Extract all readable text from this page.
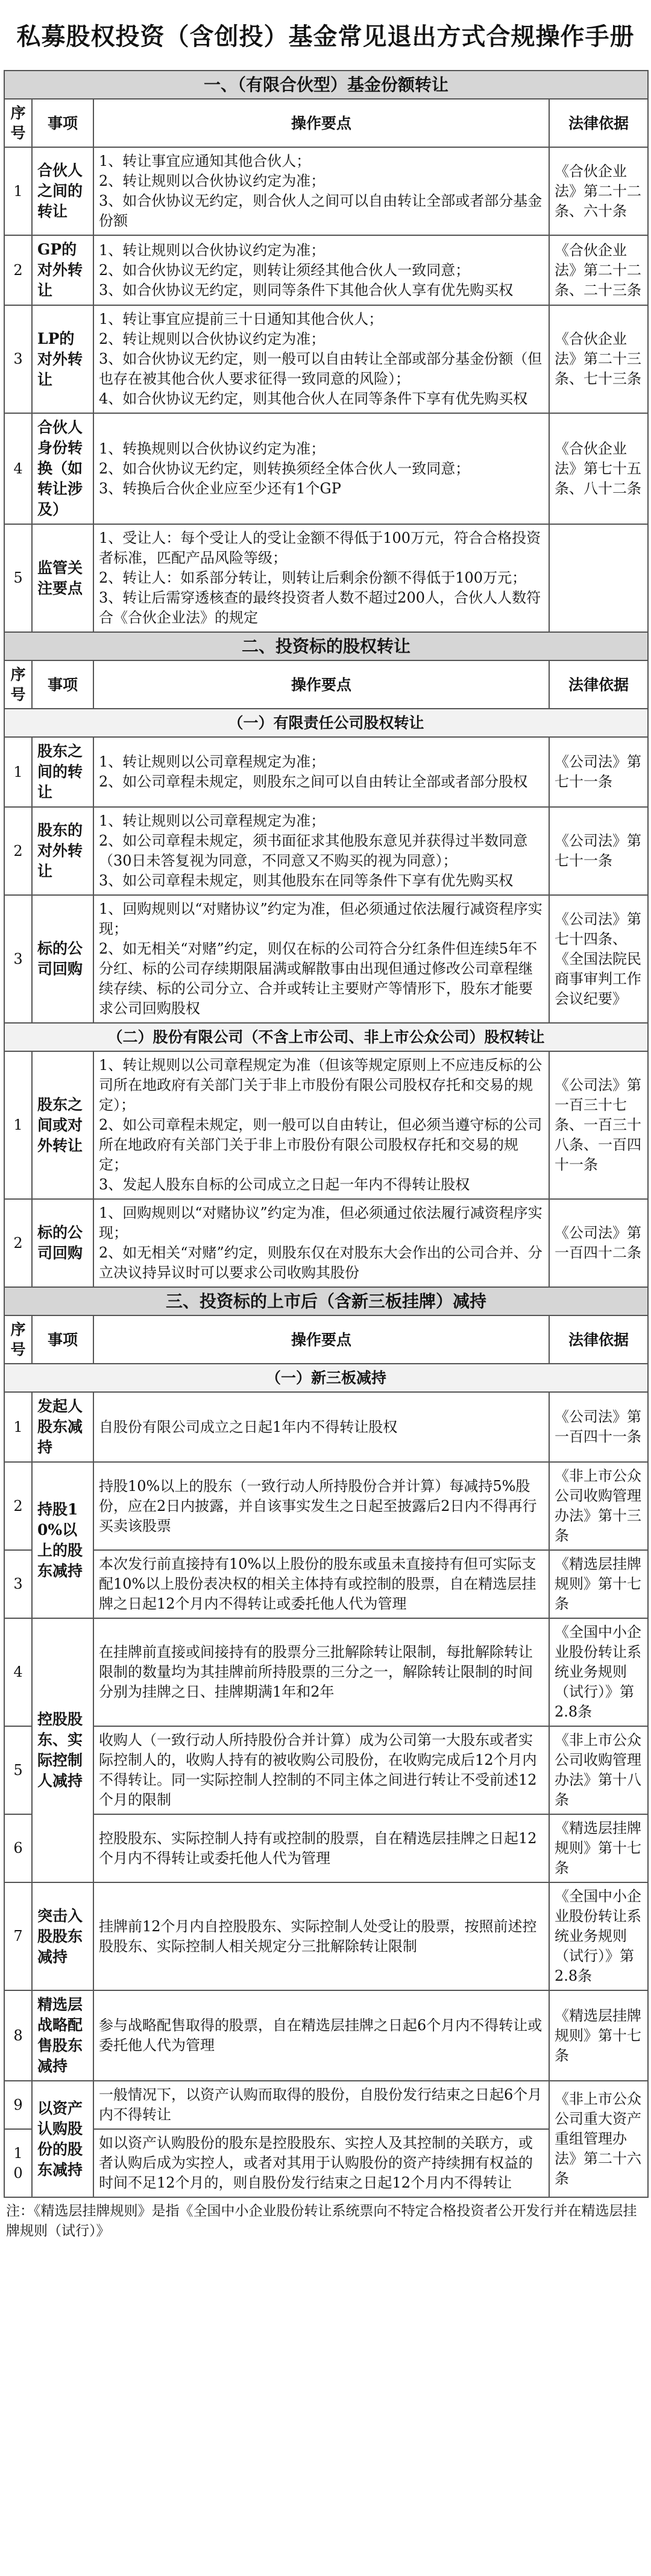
私募股权投资（含创投）基金常见退出方式合规操作手册
一、（有限合伙型）基金份额转让			
序号	事项	操作要点	法律依据
1	合伙人之间的转让	1、转让事宜应通知其他合伙人；
2、转让规则以合伙协议约定为准；
3、如合伙协议无约定，则合伙人之间可以自由转让全部或者部分基金份额	《合伙企业法》第二十二条、六十条
2	GP的对外转让	1、转让规则以合伙协议约定为准；
2、如合伙协议无约定，则转让须经其他合伙人一致同意；
3、如合伙协议无约定，则同等条件下其他合伙人享有优先购买权	《合伙企业法》第二十二条、二十三条
3	LP的对外转让	1、转让事宜应提前三十日通知其他合伙人；
2、转让规则以合伙协议约定为准；
3、如合伙协议无约定，则一般可以自由转让全部或部分基金份额（但也存在被其他合伙人要求征得一致同意的风险）；
4、如合伙协议无约定，则其他合伙人在同等条件下享有优先购买权	《合伙企业法》第二十三条、七十三条
4	合伙人身份转换（如转让涉及）	1、转换规则以合伙协议约定为准；
2、如合伙协议无约定，则转换须经全体合伙人一致同意；
3、转换后合伙企业应至少还有1个GP	《合伙企业法》第七十五条、八十二条
5	监管关注要点	1、受让人：每个受让人的受让金额不得低于100万元，符合合格投资者标准，匹配产品风险等级；
2、转让人：如系部分转让，则转让后剩余份额不得低于100万元；
3、转让后需穿透核查的最终投资者人数不超过200人，合伙人人数符合《合伙企业法》的规定	
二、投资标的股权转让			
序号	事项	操作要点	法律依据
（一）有限责任公司股权转让			
1	股东之间的转让	1、转让规则以公司章程规定为准；
2、如公司章程未规定，则股东之间可以自由转让全部或者部分股权	《公司法》第七十一条
2	股东的对外转让	1、转让规则以公司章程规定为准；
2、如公司章程未规定，须书面征求其他股东意见并获得过半数同意（30日未答复视为同意，不同意又不购买的视为同意）；
3、如公司章程未规定，则其他股东在同等条件下享有优先购买权	《公司法》第七十一条
3	标的公司回购	1、回购规则以“对赌协议”约定为准，但必须通过依法履行减资程序实现；
2、如无相关“对赌”约定，则仅在标的公司符合分红条件但连续5年不分红、标的公司存续期限届满或解散事由出现但通过修改公司章程继续存续、标的公司分立、合并或转让主要财产等情形下，股东才能要求公司回购股权	《公司法》第七十四条、《全国法院民商事审判工作会议纪要》
（二）股份有限公司（不含上市公司、非上市公众公司）股权转让			
1	股东之间或对外转让	1、转让规则以公司章程规定为准（但该等规定原则上不应违反标的公司所在地政府有关部门关于非上市股份有限公司股权存托和交易的规定）；
2、如公司章程未规定，则一般可以自由转让，但必须当遵守标的公司所在地政府有关部门关于非上市股份有限公司股权存托和交易的规定；
3、发起人股东自标的公司成立之日起一年内不得转让股权	《公司法》第一百三十七条、一百三十八条、一百四十一条
2	标的公司回购	1、回购规则以“对赌协议”约定为准，但必须通过依法履行减资程序实现；
2、如无相关“对赌”约定，则股东仅在对股东大会作出的公司合并、分立决议持异议时可以要求公司收购其股份	《公司法》第一百四十二条
三、投资标的上市后（含新三板挂牌）减持			
序号	事项	操作要点	法律依据
（一）新三板减持			
1	发起人股东减持	自股份有限公司成立之日起1年内不得转让股权	《公司法》第一百四十一条
2	持股10%以上的股东减持	持股10%以上的股东（一致行动人所持股份合并计算）每减持5%股份，应在2日内披露，并自该事实发生之日起至披露后2日内不得再行买卖该股票	《非上市公众公司收购管理办法》第十三条
3		本次发行前直接持有10%以上股份的股东或虽未直接持有但可实际支配10%以上股份表决权的相关主体持有或控制的股票，自在精选层挂牌之日起12个月内不得转让或委托他人代为管理	《精选层挂牌规则》第十七条
4	控股股东、实际控制人减持	在挂牌前直接或间接持有的股票分三批解除转让限制，每批解除转让限制的数量均为其挂牌前所持股票的三分之一，解除转让限制的时间分别为挂牌之日、挂牌期满1年和2年	《全国中小企业股份转让系统业务规则（试行）》第2.8条
5		收购人（一致行动人所持股份合并计算）成为公司第一大股东或者实际控制人的，收购人持有的被收购公司股份，在收购完成后12个月内不得转让。同一实际控制人控制的不同主体之间进行转让不受前述12个月的限制	《非上市公众公司收购管理办法》第十八条
6		控股股东、实际控制人持有或控制的股票，自在精选层挂牌之日起12个月内不得转让或委托他人代为管理	《精选层挂牌规则》第十七条
7	突击入股股东减持	挂牌前12个月内自控股股东、实际控制人处受让的股票，按照前述控股股东、实际控制人相关规定分三批解除转让限制	《全国中小企业股份转让系统业务规则（试行）》第2.8条
8	精选层战略配售股东减持	参与战略配售取得的股票，自在精选层挂牌之日起6个月内不得转让或委托他人代为管理	《精选层挂牌规则》第十七条
9	以资产认购股份的股东减持	一般情况下，以资产认购而取得的股份，自股份发行结束之日起6个月内不得转让	《非上市公众公司重大资产重组管理办法》第二十六条
10		如以资产认购股份的股东是控股股东、实控人及其控制的关联方，或者认购后成为实控人，或者对其用于认购股份的资产持续拥有权益的时间不足12个月的，则自股份发行结束之日起12个月内不得转让	
注：《精选层挂牌规则》是指《全国中小企业股份转让系统票向不特定合格投资者公开发行并在精选层挂牌规则（试行）》
